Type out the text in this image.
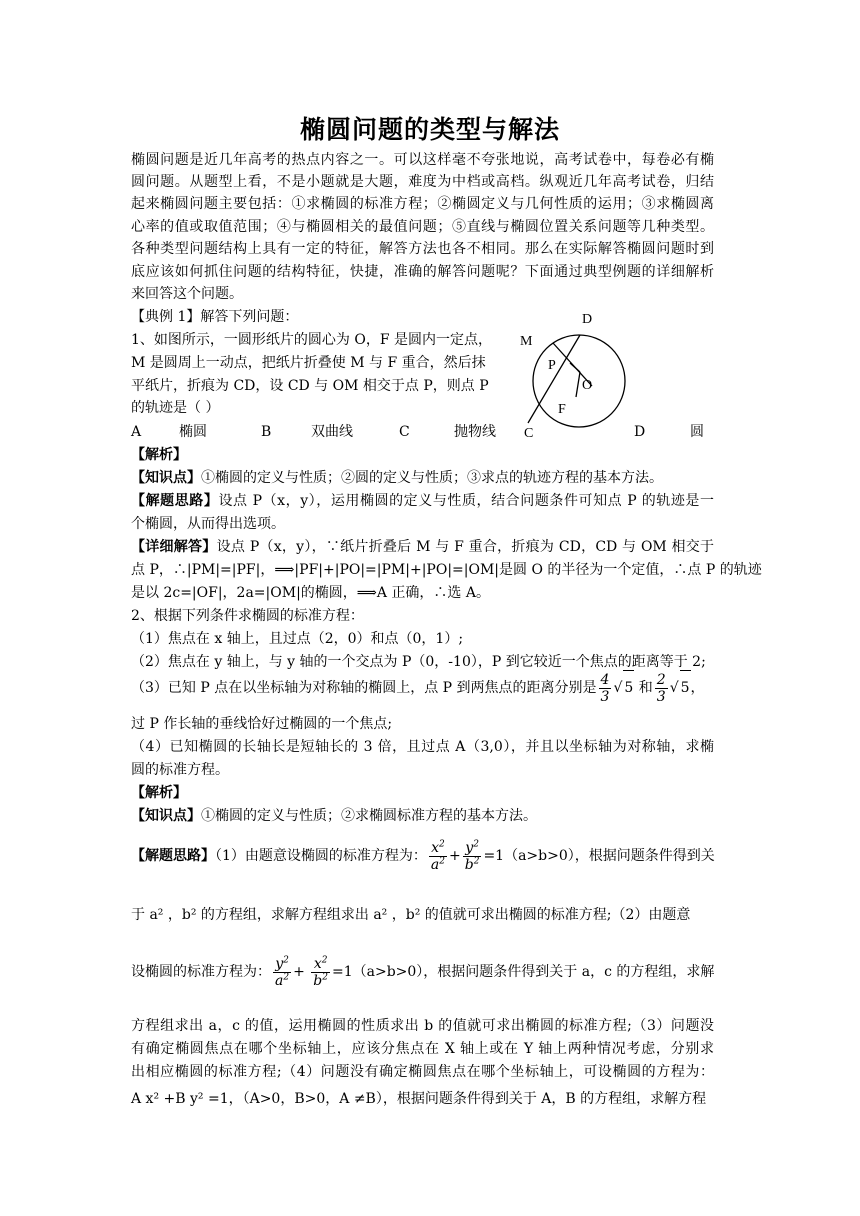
椭圆问题的类型与解法
椭圆问题是近几年高考的热点内容之一。可以这样毫不夸张地说，高考试卷中，每卷必有椭
圆问题。从题型上看，不是小题就是大题，难度为中档或高档。纵观近几年高考试卷，归结
起来椭圆问题主要包括：①求椭圆的标准方程；②椭圆定义与几何性质的运用；③求椭圆离
心率的值或取值范围；④与椭圆相关的最值问题；⑤直线与椭圆位置关系问题等几种类型。
各种类型问题结构上具有一定的特征，解答方法也各不相同。那么在实际解答椭圆问题时到
底应该如何抓住问题的结构特征，快捷，准确的解答问题呢？下面通过典型例题的详细解析
来回答这个问题。
【典例 1】解答下列问题：
1、如图所示，一圆形纸片的圆心为 O，F 是圆内一定点，
M 是圆周上一动点，把纸片折叠使 M 与 F 重合，然后抹
平纸片，折痕为 CD，设 CD 与 OM 相交于点 P，则点 P
的轨迹是（ ）
D
M
P
O
F
C
A	椭圆	B	双曲线	C	抛物线	D	圆
【解析】
【知识点】①椭圆的定义与性质；②圆的定义与性质；③求点的轨迹方程的基本方法。
【解题思路】设点 P（x，y），运用椭圆的定义与性质，结合问题条件可知点 P 的轨迹是一
个椭圆，从而得出选项。
【详细解答】设点 P（x，y），∵纸片折叠后 M 与 F 重合，折痕为 CD，CD 与 OM 相交于
点 P，∴|PM|=|PF|，⟹|PF|+|PO|=|PM|+|PO|=|OM|是圆 O 的半径为一个定值，∴点 P 的轨迹
是以 2c=|OF|，2a=|OM|的椭圆，⟹A 正确，∴选 A。
2、根据下列条件求椭圆的标准方程：
（1）焦点在 x 轴上，且过点（2，0）和点（0，1）;
（2）焦点在 y 轴上，与 y 轴的一个交点为 P（0，-10），P 到它较近一个焦点的距离等于 2;
（3）已知 P 点在以坐标轴为对称轴的椭圆上，点 P 到两焦点的距离分别是 $\frac{4}{3}$ √ 5 和 $\frac{2}{3}$ √ 5，
过 P 作长轴的垂线恰好过椭圆的一个焦点;
（4）已知椭圆的长轴长是短轴长的 3 倍，且过点 A（3,0），并且以坐标轴为对称轴，求椭
圆的标准方程。
【解析】
【知识点】①椭圆的定义与性质；②求椭圆标准方程的基本方法。
【解题思路】（1）由题意设椭圆的标准方程为： $\frac{x^2}{a^2} + \frac{y^2}{b^2} =1(a>b>0)$，根据问题条件得到关
于 a² ，b² 的方程组，求解方程组求出 a² ，b² 的值就可求出椭圆的标准方程;（2）由题意
设椭圆的标准方程为： $\frac{y^2}{a^2} + \frac{x^2}{b^2} =1(a>b>0)$，根据问题条件得到关于 a，c 的方程组，求解
方程组求出 a，c 的值，运用椭圆的性质求出 b 的值就可求出椭圆的标准方程;（3）问题没
有确定椭圆焦点在哪个坐标轴上，应该分焦点在 X 轴上或在 Y 轴上两种情况考虑，分别求
出相应椭圆的标准方程;（4）问题没有确定椭圆焦点在哪个坐标轴上，可设椭圆的方程为：
A x² +B y² =1，（A>0，B>0，A ≠B），根据问题条件得到关于 A，B 的方程组，求解方程
